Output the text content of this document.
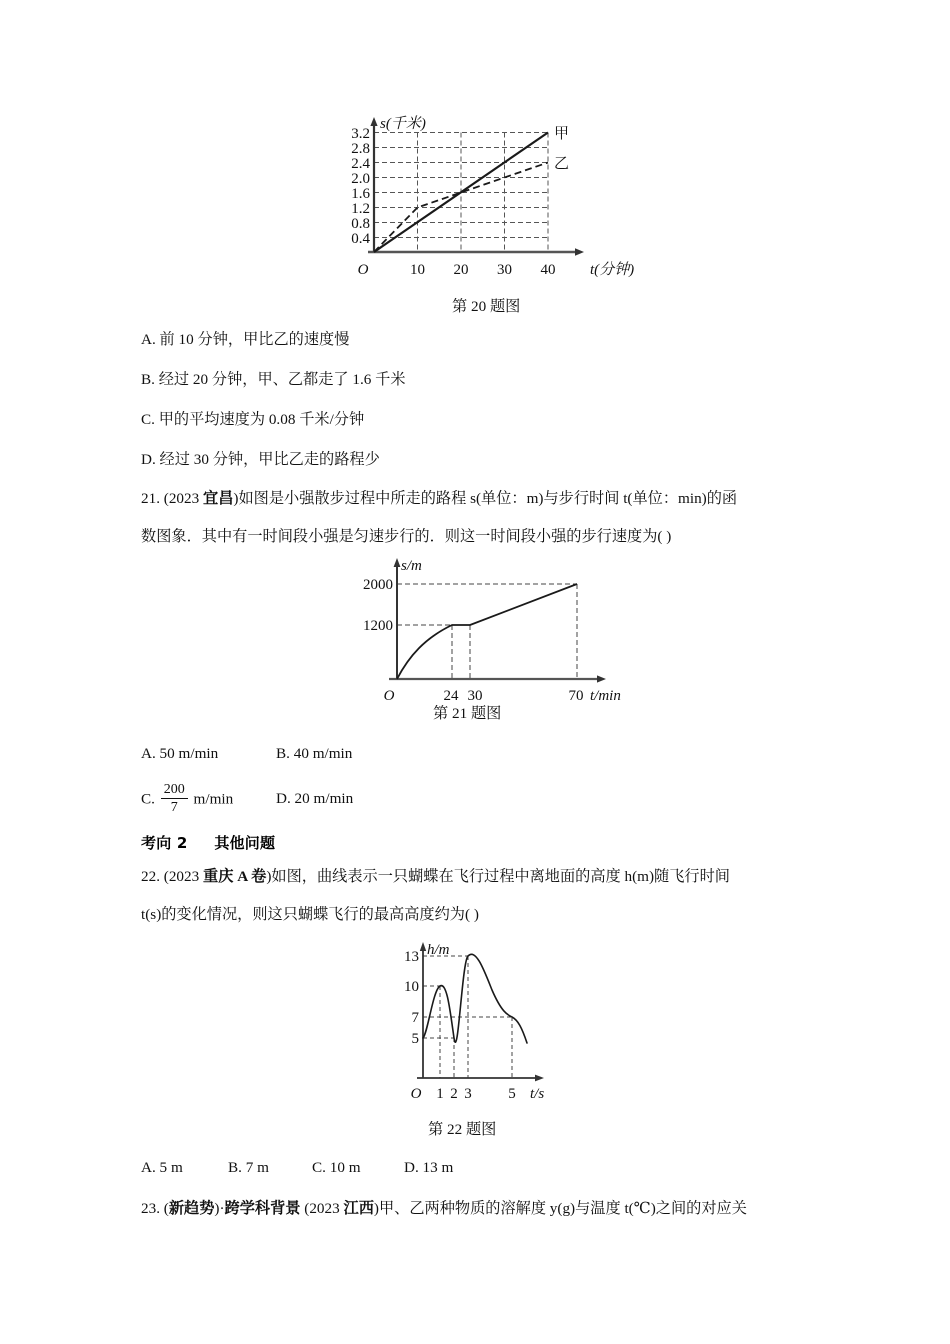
0.4
0.8
1.2
1.6
2.0
2.4
2.8
3.2
10 20 30 40
O
s(千米)
t(分钟)
甲
乙
第 20 题图
A. 前 10 分钟，甲比乙的速度慢
B. 经过 20 分钟，甲、乙都走了 1.6 千米
C. 甲的平均速度为 0.08 千米/分钟
D. 经过 30 分钟，甲比乙走的路程少
21. (2023 宜昌)如图是小强散步过程中所走的路程 s(单位：m)与步行时间 t(单位：min)的函
数图象．其中有一时间段小强是匀速步行的．则这一时间段小强的步行速度为( )
1200
2000
24 30	70
O
s/m
t/min
第 21 题图
A. 50 m/min	B. 40 m/min
C. $\frac{200}{7} m/\min$	D. 20 m/min
考向 2 其他问题
22. (2023 重庆 A 卷)如图，曲线表示一只蝴蝶在飞行过程中离地面的高度 h(m)随飞行时间
t(s)的变化情况，则这只蝴蝶飞行的最高高度约为( )
13
10
7
5
1 2 3 5
O
h/m
t/s
第 22 题图
A. 5 m	B. 7 m	C. 10 m	D. 13 m
23. (新趋势)·跨学科背景 (2023 江西)甲、乙两种物质的溶解度 y(g)与温度 t(℃)之间的对应关
